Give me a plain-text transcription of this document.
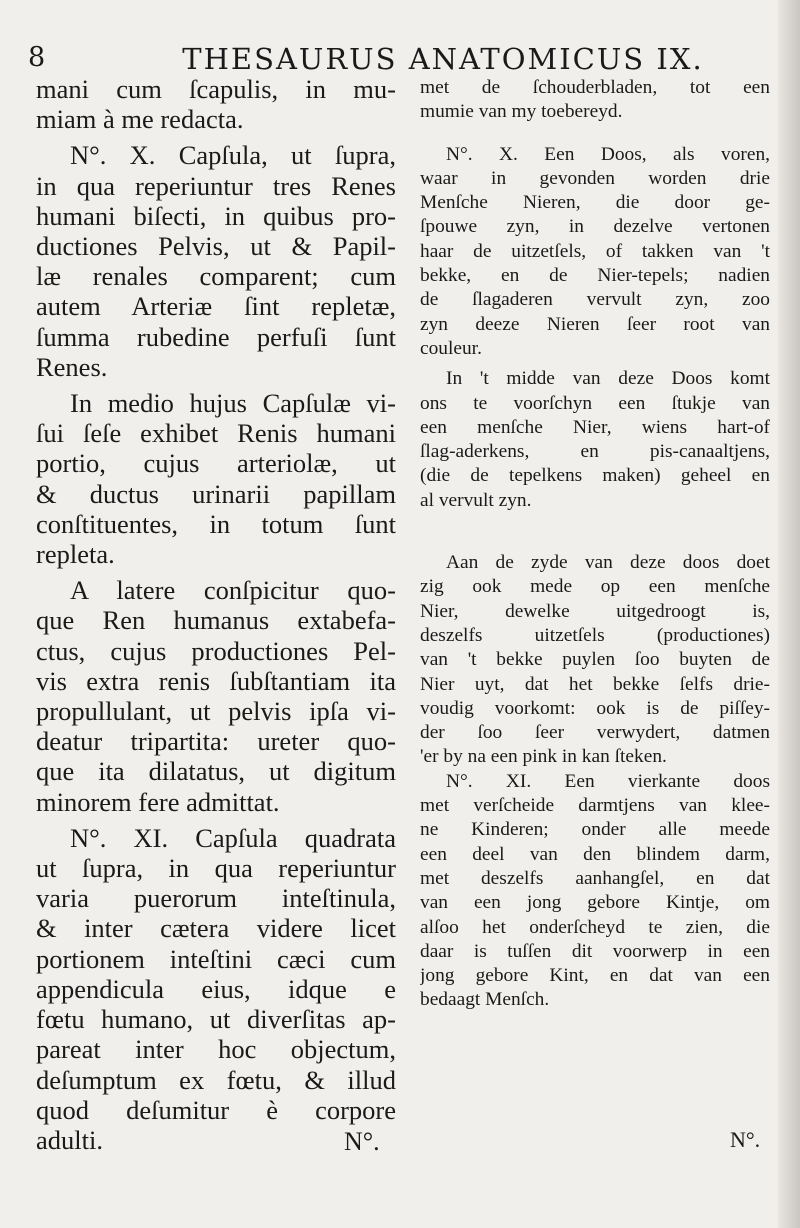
8	THESAURUS ANATOMICUS IX.
mani cum ſcapulis, in mu-
miam à me redacta.
N°. X. Capſula, ut ſupra,
in qua reperiuntur tres Renes
humani biſecti, in quibus pro-
ductiones Pelvis, ut & Papil-
læ renales comparent; cum
autem Arteriæ ſint repletæ,
ſumma rubedine perfuſi ſunt
Renes.
In medio hujus Capſulæ vi-
ſui ſeſe exhibet Renis humani
portio, cujus arteriolæ, ut
& ductus urinarii papillam
conſtituentes, in totum ſunt
repleta.
A latere conſpicitur quo-
que Ren humanus extabefa-
ctus, cujus productiones Pel-
vis extra renis ſubſtantiam ita
propullulant, ut pelvis ipſa vi-
deatur tripartita: ureter quo-
que ita dilatatus, ut digitum
minorem fere admittat.
N°. XI. Capſula quadrata
ut ſupra, in qua reperiuntur
varia puerorum inteſtinula,
& inter cætera videre licet
portionem inteſtini cæci cum
appendicula eius, idque e
fœtu humano, ut diverſitas ap-
pareat inter hoc objectum,
deſumptum ex fœtu, & illud
quod deſumitur è corpore
adulti.	N°.
met de ſchouderbladen, tot een
mumie van my toebereyd.
N°. X. Een Doos, als voren,
waar in gevonden worden drie
Menſche Nieren, die door ge-
ſpouwe zyn, in dezelve vertonen
haar de uitzetſels, of takken van 't
bekke, en de Nier-tepels; nadien
de ſlagaderen vervult zyn, zoo
zyn deeze Nieren ſeer root van
couleur.
In 't midde van deze Doos komt
ons te voorſchyn een ſtukje van
een menſche Nier, wiens hart-of
ſlag-aderkens, en pis-canaaltjens,
(die de tepelkens maken) geheel en
al vervult zyn.
Aan de zyde van deze doos doet
zig ook mede op een menſche
Nier, dewelke uitgedroogt is,
deszelfs uitzetſels (productiones)
van 't bekke puylen ſoo buyten de
Nier uyt, dat het bekke ſelfs drie-
voudig voorkomt: ook is de piſſey-
der ſoo ſeer verwydert, datmen
'er by na een pink in kan ſteken.
N°. XI. Een vierkante doos
met verſcheide darmtjens van klee-
ne Kinderen; onder alle meede
een deel van den blindem darm,
met deszelfs aanhangſel, en dat
van een jong gebore Kintje, om
alſoo het onderſcheyd te zien, die
daar is tuſſen dit voorwerp in een
jong gebore Kint, en dat van een
bedaagt Menſch.
N°.
